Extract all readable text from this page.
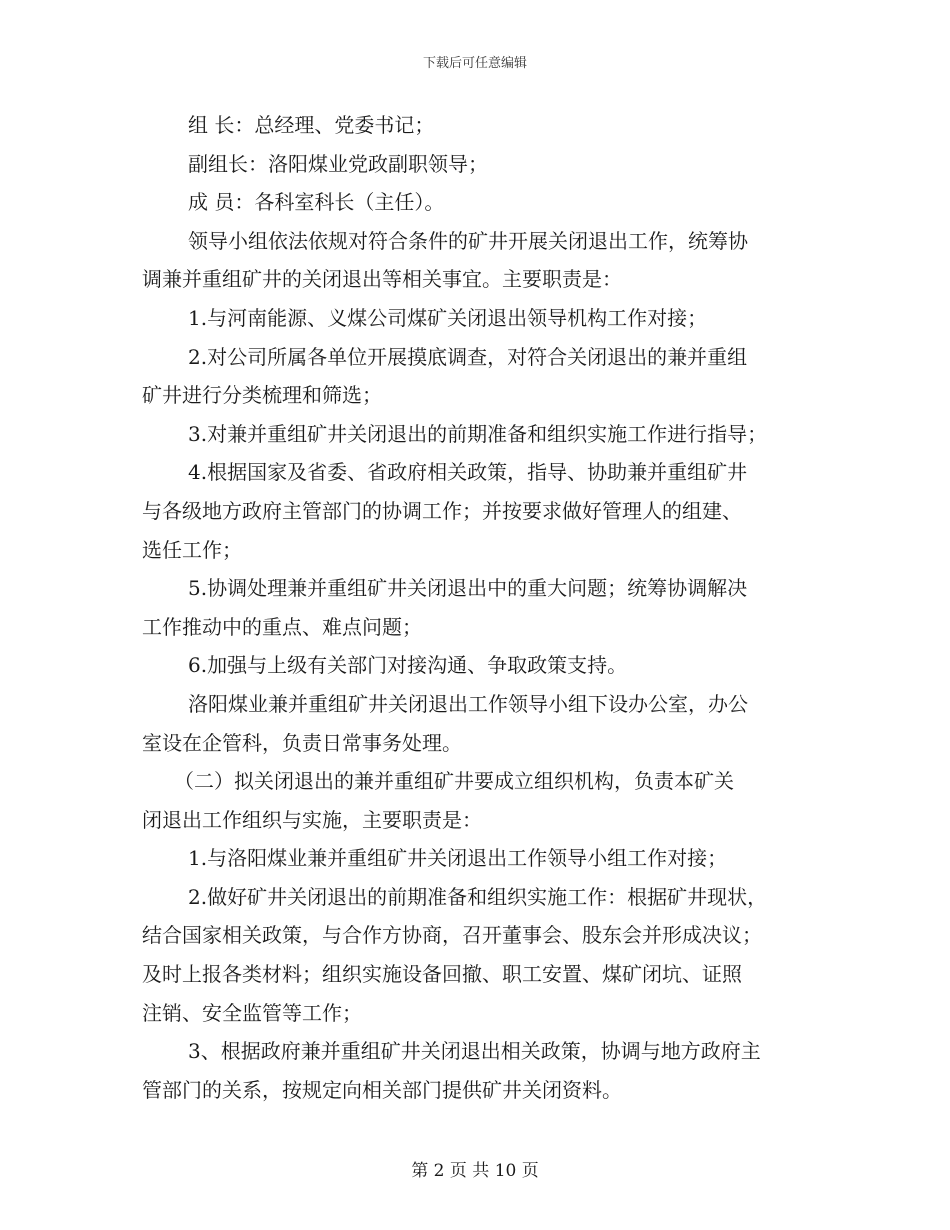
下载后可任意编辑
组 长：总经理、党委书记；
副组长：洛阳煤业党政副职领导；
成 员：各科室科长（主任）。
领导小组依法依规对符合条件的矿井开展关闭退出工作，统筹协
调兼并重组矿井的关闭退出等相关事宜。主要职责是：
1.与河南能源、义煤公司煤矿关闭退出领导机构工作对接；
2.对公司所属各单位开展摸底调查，对符合关闭退出的兼并重组
矿井进行分类梳理和筛选；
3.对兼并重组矿井关闭退出的前期准备和组织实施工作进行指导；
4.根据国家及省委、省政府相关政策，指导、协助兼并重组矿井
与各级地方政府主管部门的协调工作；并按要求做好管理人的组建、
选任工作；
5.协调处理兼并重组矿井关闭退出中的重大问题；统筹协调解决
工作推动中的重点、难点问题；
6.加强与上级有关部门对接沟通、争取政策支持。
洛阳煤业兼并重组矿井关闭退出工作领导小组下设办公室，办公
室设在企管科，负责日常事务处理。
（二）拟关闭退出的兼并重组矿井要成立组织机构，负责本矿关
闭退出工作组织与实施，主要职责是：
1.与洛阳煤业兼并重组矿井关闭退出工作领导小组工作对接；
2.做好矿井关闭退出的前期准备和组织实施工作：根据矿井现状，
结合国家相关政策，与合作方协商，召开董事会、股东会并形成决议；
及时上报各类材料；组织实施设备回撤、职工安置、煤矿闭坑、证照
注销、安全监管等工作；
3、根据政府兼并重组矿井关闭退出相关政策，协调与地方政府主
管部门的关系，按规定向相关部门提供矿井关闭资料。
第 2 页 共 10 页
